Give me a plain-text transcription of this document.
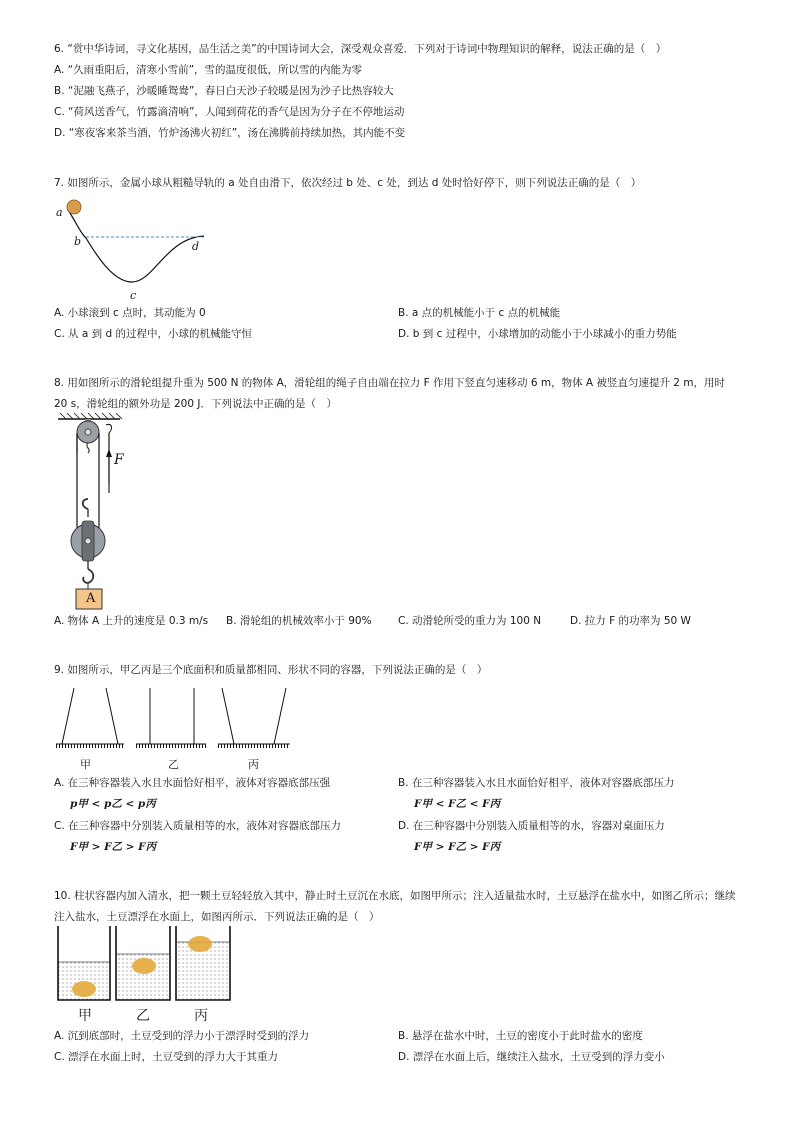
6. “赏中华诗词，寻文化基因，品生活之美”的中国诗词大会，深受观众喜爱．下列对于诗词中物理知识的解释，说法正确的是（　）
A. “久雨重阳后，清寒小雪前”，雪的温度很低，所以雪的内能为零
B. “泥融飞燕子，沙暖睡鸳鸯”，春日白天沙子较暖是因为沙子比热容较大
C. “荷风送香气，竹露滴清响”，人闻到荷花的香气是因为分子在不停地运动
D. “寒夜客来茶当酒，竹炉汤沸火初红”，汤在沸腾前持续加热，其内能不变
7. 如图所示，金属小球从粗糙导轨的 a 处自由滑下，依次经过 b 处、c 处，到达 d 处时恰好停下，则下列说法正确的是（　）
a
b
c
d
A. 小球滚到 c 点时，其动能为 0	B. a 点的机械能小于 c 点的机械能
C. 从 a 到 d 的过程中，小球的机械能守恒	D. b 到 c 过程中，小球增加的动能小于小球减小的重力势能
8. 用如图所示的滑轮组提升重为 500 N 的物体 A，滑轮组的绳子自由端在拉力 F 作用下竖直匀速移动 6 m，物体 A 被竖直匀速提升 2 m，用时
20 s，滑轮组的额外功是 200 J．下列说法中正确的是（　）
F
A
A. 物体 A 上升的速度是 0.3 m/s B. 滑轮组的机械效率小于 90%	C. 动滑轮所受的重力为 100 N	D. 拉力 F 的功率为 50 W
9. 如图所示，甲乙丙是三个底面积和质量都相同、形状不同的容器，下列说法正确的是（　）
甲	乙	丙
A. 在三种容器装入水且水面恰好相平，液体对容器底部压强
p甲 < p乙 < p丙
B. 在三种容器装入水且水面恰好相平，液体对容器底部压力
F甲 < F乙 < F丙
C. 在三种容器中分别装入质量相等的水，液体对容器底部压力
F甲 > F乙 > F丙
D. 在三种容器中分别装入质量相等的水，容器对桌面压力
F甲 > F乙 > F丙
10. 柱状容器内加入清水，把一颗土豆轻轻放入其中，静止时土豆沉在水底，如图甲所示；注入适量盐水时，土豆悬浮在盐水中，如图乙所示；继续
注入盐水，土豆漂浮在水面上，如图丙所示．下列说法正确的是（　）
甲	乙	丙
A. 沉到底部时，土豆受到的浮力小于漂浮时受到的浮力	B. 悬浮在盐水中时，土豆的密度小于此时盐水的密度
C. 漂浮在水面上时，土豆受到的浮力大于其重力	D. 漂浮在水面上后，继续注入盐水，土豆受到的浮力变小
